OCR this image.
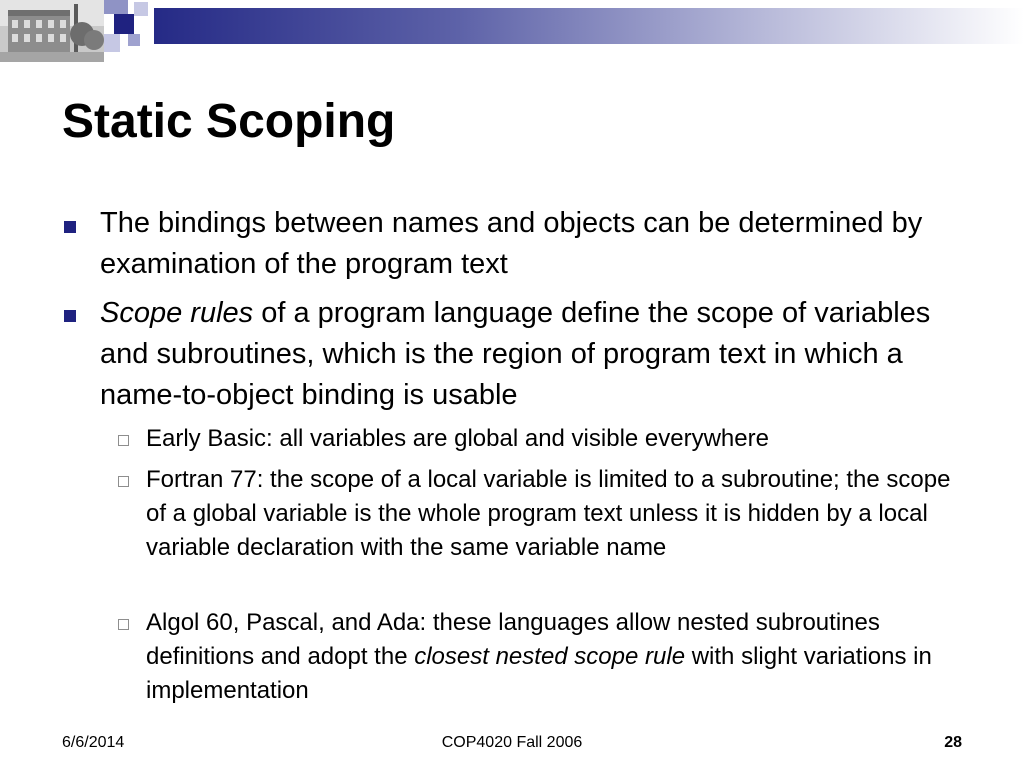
Static Scoping
The bindings between names and objects can be determined by examination of the program text
Scope rules of a program language define the scope of variables and subroutines, which is the region of program text in which a name-to-object binding is usable
Early Basic: all variables are global and visible everywhere
Fortran 77: the scope of a local variable is limited to a subroutine; the scope of a global variable is the whole program text unless it is hidden by a local variable declaration with the same variable name
Algol 60, Pascal, and Ada: these languages allow nested subroutines definitions and adopt the closest nested scope rule with slight variations in implementation
6/6/2014	COP4020 Fall 2006	28
